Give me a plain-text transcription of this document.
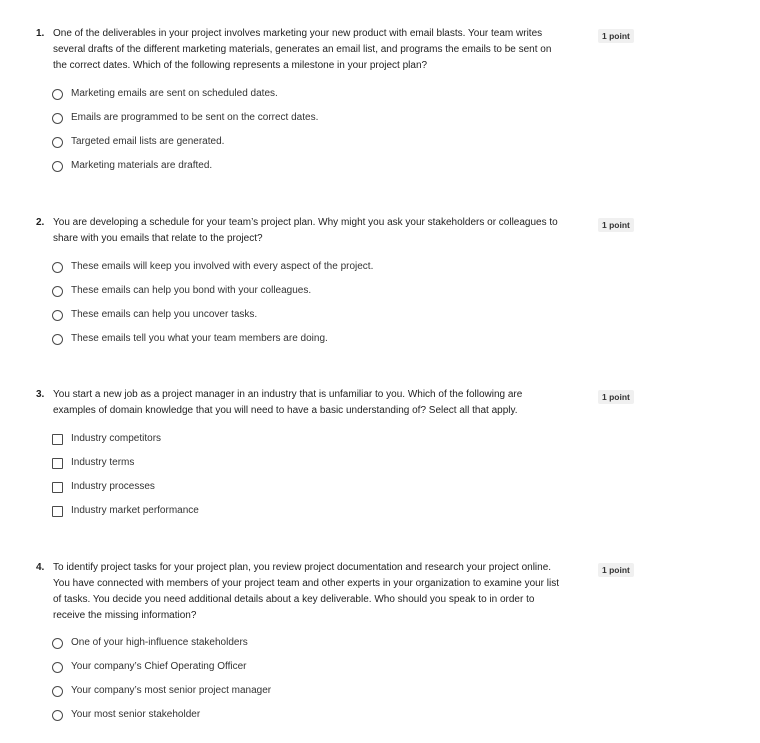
1. One of the deliverables in your project involves marketing your new product with email blasts. Your team writes several drafts of the different marketing materials, generates an email list, and programs the emails to be sent on the correct dates. Which of the following represents a milestone in your project plan?
1 point
Marketing emails are sent on scheduled dates.
Emails are programmed to be sent on the correct dates.
Targeted email lists are generated.
Marketing materials are drafted.
2. You are developing a schedule for your team’s project plan. Why might you ask your stakeholders or colleagues to share with you emails that relate to the project?
1 point
These emails will keep you involved with every aspect of the project.
These emails can help you bond with your colleagues.
These emails can help you uncover tasks.
These emails tell you what your team members are doing.
3. You start a new job as a project manager in an industry that is unfamiliar to you. Which of the following are examples of domain knowledge that you will need to have a basic understanding of? Select all that apply.
1 point
Industry competitors
Industry terms
Industry processes
Industry market performance
4. To identify project tasks for your project plan, you review project documentation and research your project online. You have connected with members of your project team and other experts in your organization to examine your list of tasks. You decide you need additional details about a key deliverable. Who should you speak to in order to receive the missing information?
1 point
One of your high-influence stakeholders
Your company’s Chief Operating Officer
Your company’s most senior project manager
Your most senior stakeholder
